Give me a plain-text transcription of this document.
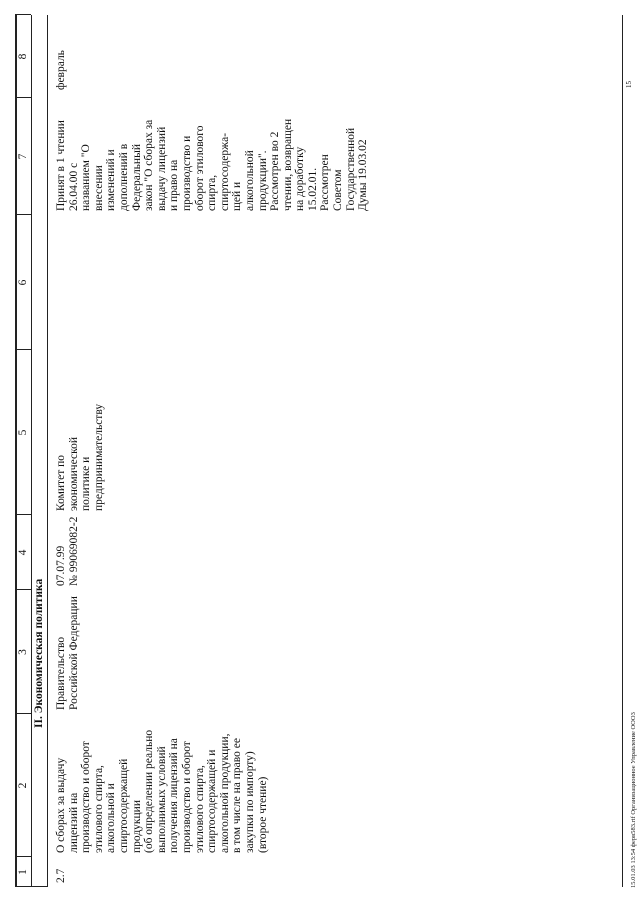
1
2
3
4
5
6
7
8
II. Экономическая политика
2.7
О сборах за выдачу
лицензий на
производство и оборот
этилового спирта,
алкогольной и
спиртосодержащей
продукции
(об определении реально
выполнимых условий
получения лицензий на
производство и оборот
этилового спирта,
спиртосодержащей и
алкогольной продукции,
в том числе на право ее
закупки по импорту)
(второе чтение)
Правительство
Российской Федерации
07.07.99
№ 99069082-2
Комитет по
экономической
политике и
предпринимательству
Принят в 1 чтении
26.04.00 с
названием "О
внесении
изменений и
дополнений в
Федеральный
закон "О сборах за
выдачу лицензий
и право на
производство и
оборот этилового
спирта,
спиртосодержа-
щей и
алкогольной
продукции".
Рассмотрен во 2
чтении, возвращен
на доработку
15.02.01.
Рассмотрен
Советом
Государственной
Думы 19.03.02
февраль
15.01.03 13:54 ферв583.rtf Организационное Управление ООО3
15
